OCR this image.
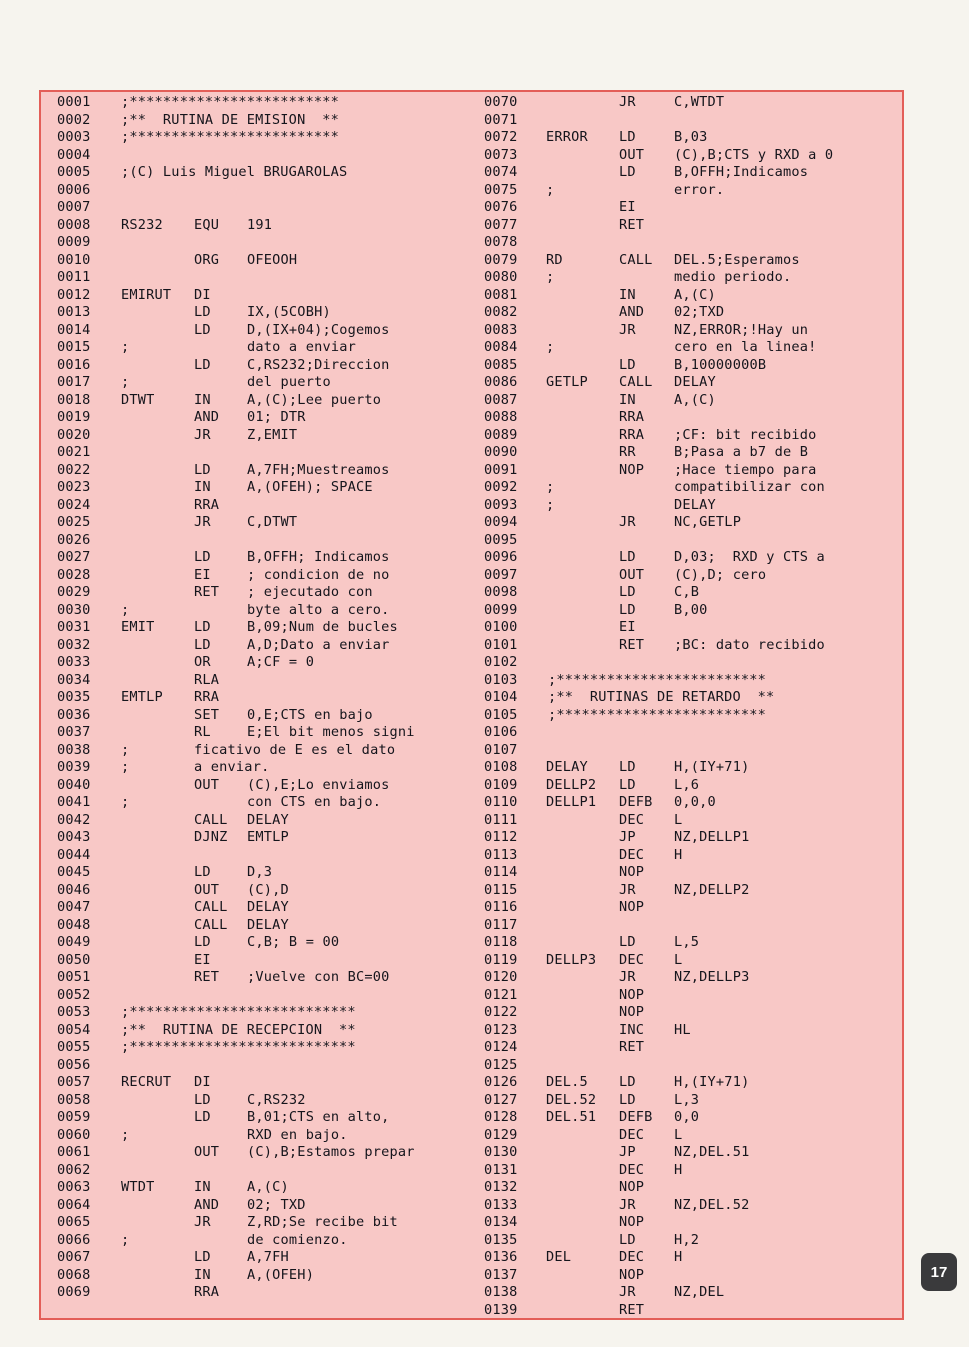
0001 ;*************************
0002 ;**  RUTINA DE EMISION  **
0003 ;*************************
0004
0005 ;(C) Luis Miguel BRUGAROLAS
0006
0007
0008 RS232 EQU 191
0009
0010	ORG OFEOOH
0011
0012 EMIRUT DI
0013	LD	IX,(5COBH)
0014	LD	D,(IX+04);Cogemos
0015 ;	dato a enviar
0016	LD	C,RS232;Direccion
0017 ;	del puerto
0018 DTWT	IN	A,(C);Lee puerto
0019	AND 01; DTR
0020	JR	Z,EMIT
0021
0022	LD	A,7FH;Muestreamos
0023	IN	A,(OFEH); SPACE
0024	RRA
0025	JR	C,DTWT
0026
0027	LD	B,OFFH; Indicamos
0028	EI	; condicion de no
0029	RET ; ejecutado con
0030 ;	byte alto a cero.
0031 EMIT	LD	B,09;Num de bucles
0032	LD	A,D;Dato a enviar
0033	OR	A;CF = 0
0034	RLA
0035 EMTLP RRA
0036	SET 0,E;CTS en bajo
0037	RL	E;El bit menos signi
0038 ;	ficativo de E es el dato
0039 ;	a enviar.
0040	OUT (C),E;Lo enviamos
0041 ;	con CTS en bajo.
0042	CALL DELAY
0043	DJNZ EMTLP
0044
0045	LD	D,3
0046	OUT (C),D
0047	CALL DELAY
0048	CALL DELAY
0049	LD	C,B; B = 00
0050	EI
0051	RET ;Vuelve con BC=00
0052
0053 ;***************************
0054 ;**  RUTINA DE RECEPCION  **
0055 ;***************************
0056
0057 RECRUT DI
0058	LD	C,RS232
0059	LD	B,01;CTS en alto,
0060 ;	RXD en bajo.
0061	OUT (C),B;Estamos prepar
0062
0063 WTDT	IN	A,(C)
0064	AND 02; TXD
0065	JR	Z,RD;Se recibe bit
0066 ;	de comienzo.
0067	LD	A,7FH
0068	IN	A,(OFEH)
0069	RRA
0070	JR	C,WTDT
0071
0072 ERROR LD	B,03
0073	OUT (C),B;CTS y RXD a 0
0074	LD	B,OFFH;Indicamos
0075 ;	error.
0076	EI
0077	RET
0078
0079 RD	CALL DEL.5;Esperamos
0080 ;	medio periodo.
0081	IN	A,(C)
0082	AND 02;TXD
0083	JR	NZ,ERROR;!Hay un
0084 ;	cero en la linea!
0085	LD	B,10000000B
0086 GETLP CALL DELAY
0087	IN	A,(C)
0088	RRA
0089	RRA ;CF: bit recibido
0090	RR	B;Pasa a b7 de B
0091	NOP ;Hace tiempo para
0092 ;	compatibilizar con
0093 ;	DELAY
0094	JR	NC,GETLP
0095
0096	LD	D,03;  RXD y CTS a
0097	OUT (C),D; cero
0098	LD	C,B
0099	LD	B,00
0100	EI
0101	RET ;BC: dato recibido
0102
0103 ;*************************
0104 ;**  RUTINAS DE RETARDO  **
0105 ;*************************
0106
0107
0108 DELAY LD	H,(IY+71)
0109 DELLP2 LD	L,6
0110 DELLP1 DEFB 0,0,0
0111	DEC L
0112	JP	NZ,DELLP1
0113	DEC H
0114	NOP
0115	JR	NZ,DELLP2
0116	NOP
0117
0118	LD	L,5
0119 DELLP3 DEC L
0120	JR	NZ,DELLP3
0121	NOP
0122	NOP
0123	INC HL
0124	RET
0125
0126 DEL.5 LD	H,(IY+71)
0127 DEL.52 LD	L,3
0128 DEL.51 DEFB 0,0
0129	DEC L
0130	JP	NZ,DEL.51
0131	DEC H
0132	NOP
0133	JR	NZ,DEL.52
0134	NOP
0135	LD	H,2
0136 DEL	DEC H
0137	NOP
0138	JR	NZ,DEL
0139	RET
17
